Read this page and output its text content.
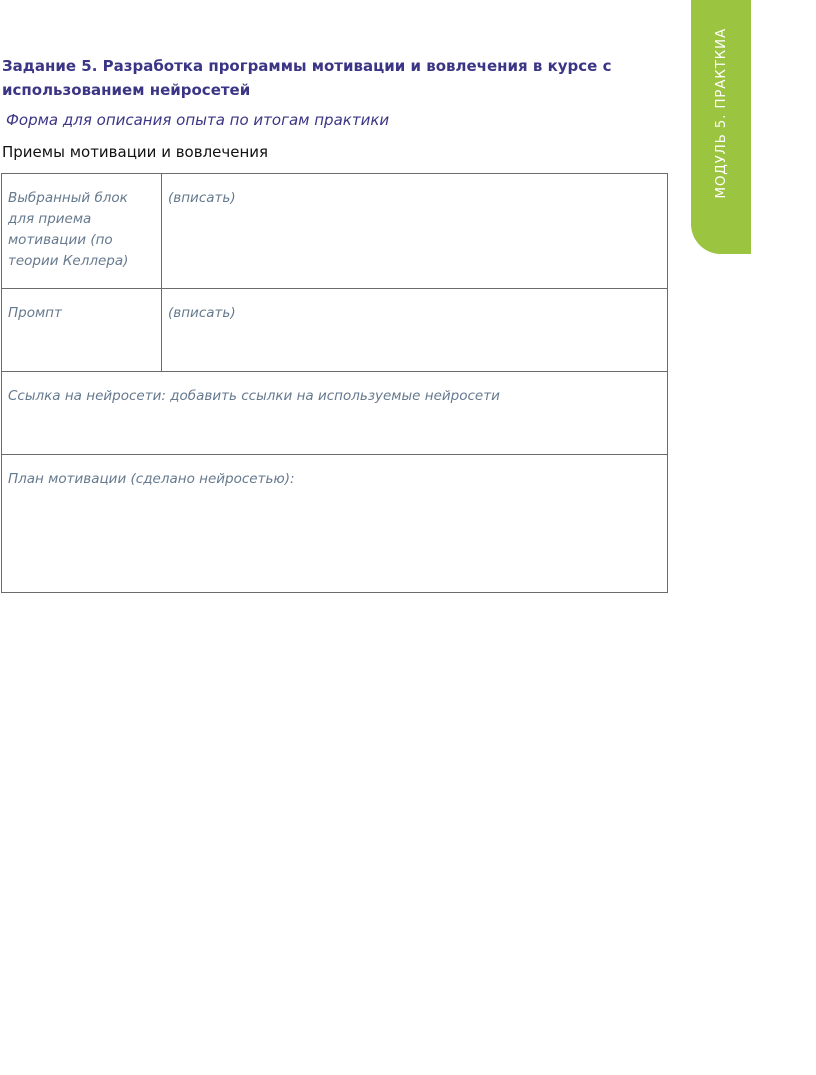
МОДУЛЬ 5. ПРАКТКИА
Задание 5. Разработка программы мотивации и вовлечения в курсе с использованием нейросетей

Форма для описания опыта по итогам практики

Приемы мотивации и вовлечения

Выбранный блок для приема мотивации (по теории Келлера)	(вписать)
Промпт	(вписать)
Ссылка на нейросети: добавить ссылки на используемые нейросети	
План мотивации (сделано нейросетью):	
